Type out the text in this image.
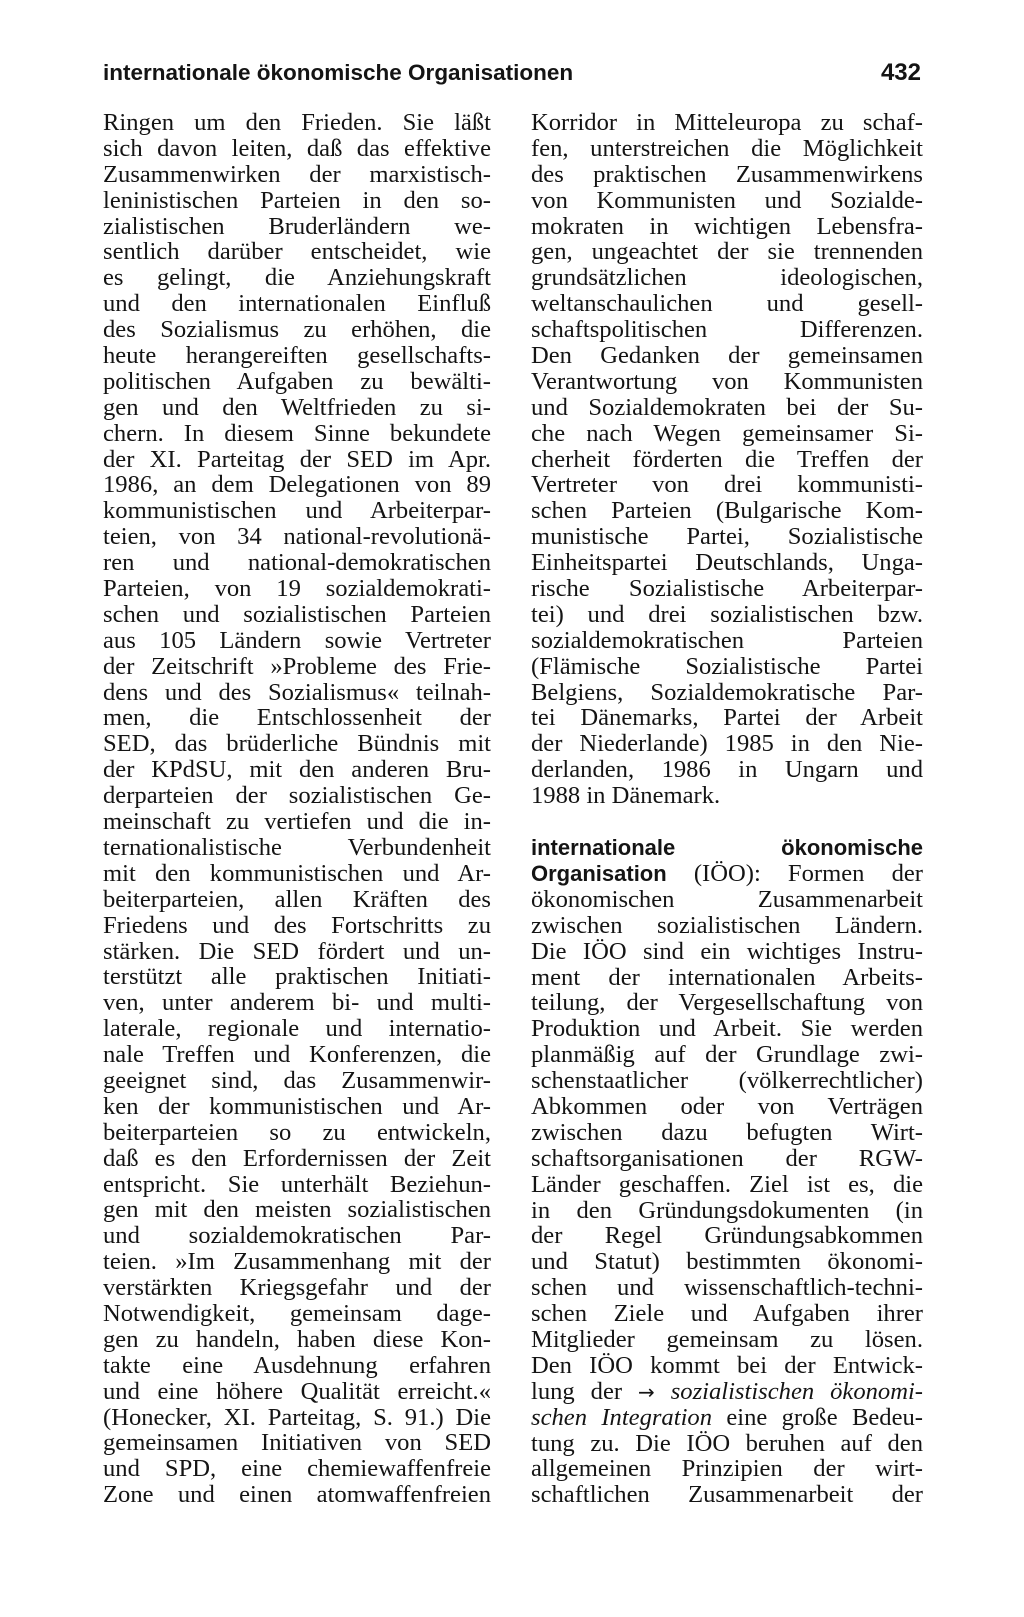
internationale ökonomische Organisationen	432
Ringen um den Frieden. Sie läßt
sich davon leiten, daß das effektive
Zusammenwirken der marxistisch-
leninistischen Parteien in den so-
zialistischen Bruderländern we-
sentlich darüber entscheidet, wie
es gelingt, die Anziehungskraft
und den internationalen Einfluß
des Sozialismus zu erhöhen, die
heute herangereiften gesellschafts-
politischen Aufgaben zu bewälti-
gen und den Weltfrieden zu si-
chern. In diesem Sinne bekundete
der XI. Parteitag der SED im Apr.
1986, an dem Delegationen von 89
kommunistischen und Arbeiterpar-
teien, von 34 national-revolutionä-
ren und national-demokratischen
Parteien, von 19 sozialdemokrati-
schen und sozialistischen Parteien
aus 105 Ländern sowie Vertreter
der Zeitschrift »Probleme des Frie-
dens und des Sozialismus« teilnah-
men, die Entschlossenheit der
SED, das brüderliche Bündnis mit
der KPdSU, mit den anderen Bru-
derparteien der sozialistischen Ge-
meinschaft zu vertiefen und die in-
ternationalistische Verbundenheit
mit den kommunistischen und Ar-
beiterparteien, allen Kräften des
Friedens und des Fortschritts zu
stärken. Die SED fördert und un-
terstützt alle praktischen Initiati-
ven, unter anderem bi- und multi-
laterale, regionale und internatio-
nale Treffen und Konferenzen, die
geeignet sind, das Zusammenwir-
ken der kommunistischen und Ar-
beiterparteien so zu entwickeln,
daß es den Erfordernissen der Zeit
entspricht. Sie unterhält Beziehun-
gen mit den meisten sozialistischen
und sozialdemokratischen Par-
teien. »Im Zusammenhang mit der
verstärkten Kriegsgefahr und der
Notwendigkeit, gemeinsam dage-
gen zu handeln, haben diese Kon-
takte eine Ausdehnung erfahren
und eine höhere Qualität erreicht.«
(Honecker, XI. Parteitag, S. 91.) Die
gemeinsamen Initiativen von SED
und SPD, eine chemiewaffenfreie
Zone und einen atomwaffenfreien
Korridor in Mitteleuropa zu schaf-
fen, unterstreichen die Möglichkeit
des praktischen Zusammenwirkens
von Kommunisten und Sozialde-
mokraten in wichtigen Lebensfra-
gen, ungeachtet der sie trennenden
grundsätzlichen ideologischen,
weltanschaulichen und gesell-
schaftspolitischen Differenzen.
Den Gedanken der gemeinsamen
Verantwortung von Kommunisten
und Sozialdemokraten bei der Su-
che nach Wegen gemeinsamer Si-
cherheit förderten die Treffen der
Vertreter von drei kommunisti-
schen Parteien (Bulgarische Kom-
munistische Partei, Sozialistische
Einheitspartei Deutschlands, Unga-
rische Sozialistische Arbeiterpar-
tei) und drei sozialistischen bzw.
sozialdemokratischen Parteien
(Flämische Sozialistische Partei
Belgiens, Sozialdemokratische Par-
tei Dänemarks, Partei der Arbeit
der Niederlande) 1985 in den Nie-
derlanden, 1986 in Ungarn und
1988 in Dänemark.
internationale ökonomische
Organisation (IÖO): Formen der
ökonomischen Zusammenarbeit
zwischen sozialistischen Ländern.
Die IÖO sind ein wichtiges Instru-
ment der internationalen Arbeits-
teilung, der Vergesellschaftung von
Produktion und Arbeit. Sie werden
planmäßig auf der Grundlage zwi-
schenstaatlicher (völkerrechtlicher)
Abkommen oder von Verträgen
zwischen dazu befugten Wirt-
schaftsorganisationen der RGW-
Länder geschaffen. Ziel ist es, die
in den Gründungsdokumenten (in
der Regel Gründungsabkommen
und Statut) bestimmten ökonomi-
schen und wissenschaftlich-techni-
schen Ziele und Aufgaben ihrer
Mitglieder gemeinsam zu lösen.
Den IÖO kommt bei der Entwick-
lung der → sozialistischen ökonomi-
schen Integration eine große Bedeu-
tung zu. Die IÖO beruhen auf den
allgemeinen Prinzipien der wirt-
schaftlichen Zusammenarbeit der
